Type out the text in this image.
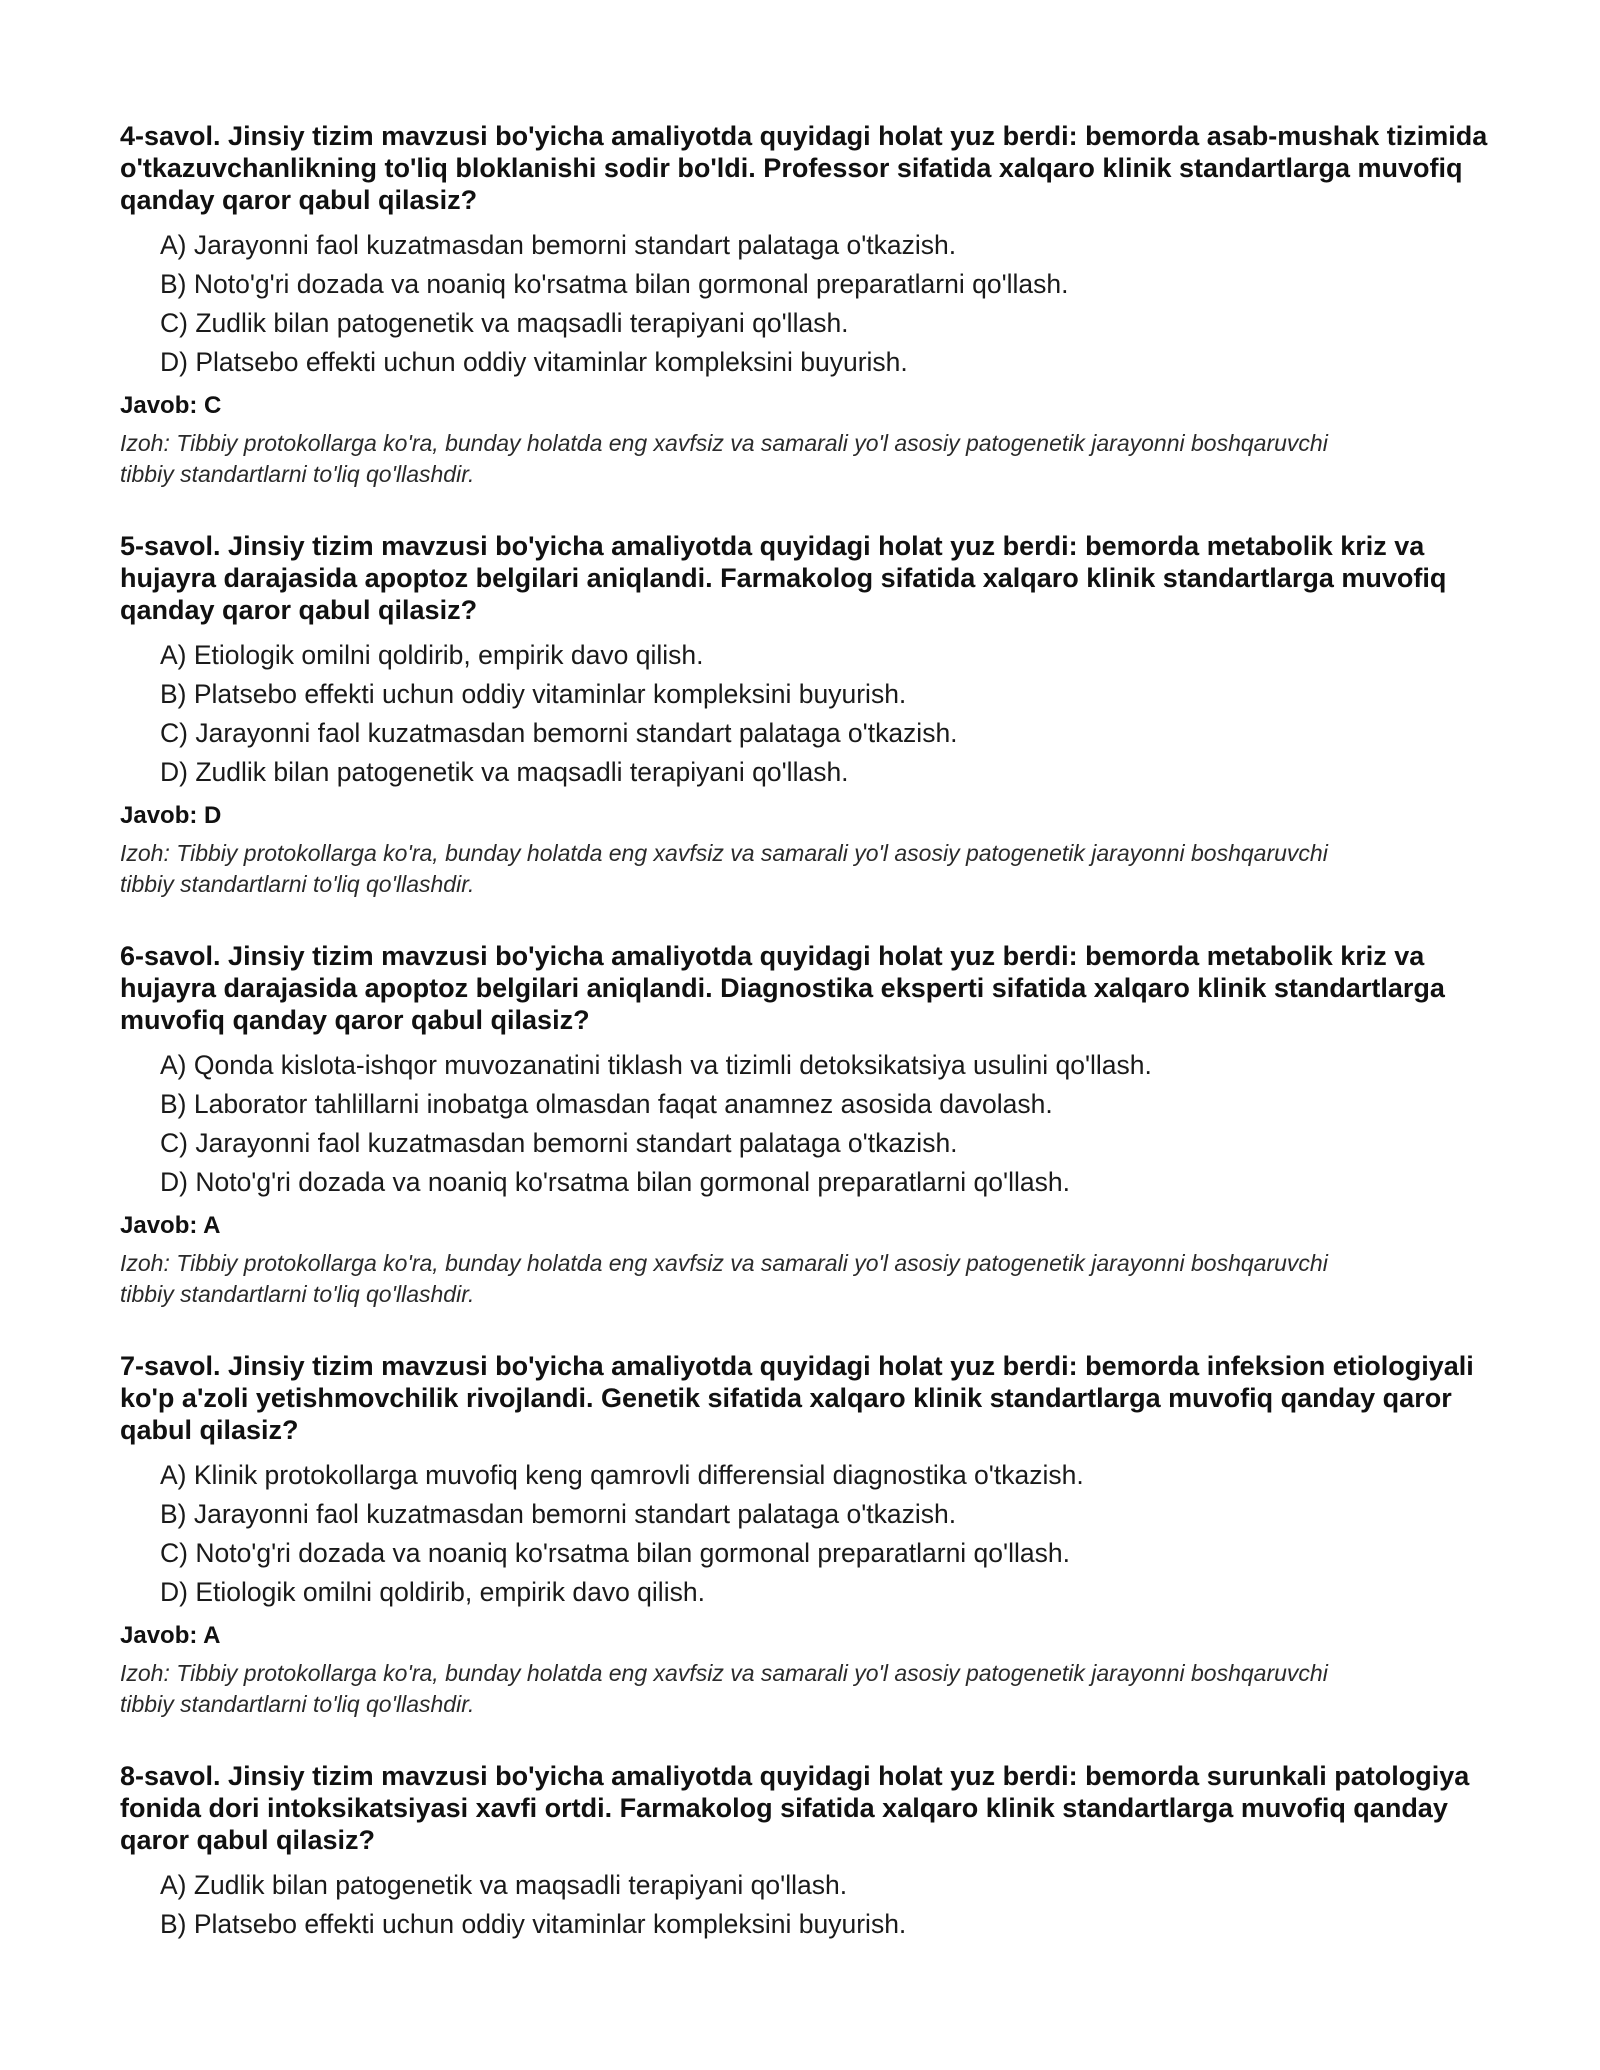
4-savol. Jinsiy tizim mavzusi bo'yicha amaliyotda quyidagi holat yuz berdi: bemorda asab-mushak tizimida o'tkazuvchanlikning to'liq bloklanishi sodir bo'ldi. Professor sifatida xalqaro klinik standartlarga muvofiq qanday qaror qabul qilasiz?

A) Jarayonni faol kuzatmasdan bemorni standart palataga o'tkazish.
B) Noto'g'ri dozada va noaniq ko'rsatma bilan gormonal preparatlarni qo'llash.
C) Zudlik bilan patogenetik va maqsadli terapiyani qo'llash.
D) Platsebo effekti uchun oddiy vitaminlar kompleksini buyurish.
Javob: C
Izoh: Tibbiy protokollarga ko'ra, bunday holatda eng xavfsiz va samarali yo'l asosiy patogenetik jarayonni boshqaruvchi tibbiy standartlarni to'liq qo'llashdir.

5-savol. Jinsiy tizim mavzusi bo'yicha amaliyotda quyidagi holat yuz berdi: bemorda metabolik kriz va hujayra darajasida apoptoz belgilari aniqlandi. Farmakolog sifatida xalqaro klinik standartlarga muvofiq qanday qaror qabul qilasiz?

A) Etiologik omilni qoldirib, empirik davo qilish.
B) Platsebo effekti uchun oddiy vitaminlar kompleksini buyurish.
C) Jarayonni faol kuzatmasdan bemorni standart palataga o'tkazish.
D) Zudlik bilan patogenetik va maqsadli terapiyani qo'llash.
Javob: D
Izoh: Tibbiy protokollarga ko'ra, bunday holatda eng xavfsiz va samarali yo'l asosiy patogenetik jarayonni boshqaruvchi tibbiy standartlarni to'liq qo'llashdir.

6-savol. Jinsiy tizim mavzusi bo'yicha amaliyotda quyidagi holat yuz berdi: bemorda metabolik kriz va hujayra darajasida apoptoz belgilari aniqlandi. Diagnostika eksperti sifatida xalqaro klinik standartlarga muvofiq qanday qaror qabul qilasiz?

A) Qonda kislota-ishqor muvozanatini tiklash va tizimli detoksikatsiya usulini qo'llash.
B) Laborator tahlillarni inobatga olmasdan faqat anamnez asosida davolash.
C) Jarayonni faol kuzatmasdan bemorni standart palataga o'tkazish.
D) Noto'g'ri dozada va noaniq ko'rsatma bilan gormonal preparatlarni qo'llash.
Javob: A
Izoh: Tibbiy protokollarga ko'ra, bunday holatda eng xavfsiz va samarali yo'l asosiy patogenetik jarayonni boshqaruvchi tibbiy standartlarni to'liq qo'llashdir.

7-savol. Jinsiy tizim mavzusi bo'yicha amaliyotda quyidagi holat yuz berdi: bemorda infeksion etiologiyali ko'p a'zoli yetishmovchilik rivojlandi. Genetik sifatida xalqaro klinik standartlarga muvofiq qanday qaror qabul qilasiz?

A) Klinik protokollarga muvofiq keng qamrovli differensial diagnostika o'tkazish.
B) Jarayonni faol kuzatmasdan bemorni standart palataga o'tkazish.
C) Noto'g'ri dozada va noaniq ko'rsatma bilan gormonal preparatlarni qo'llash.
D) Etiologik omilni qoldirib, empirik davo qilish.
Javob: A
Izoh: Tibbiy protokollarga ko'ra, bunday holatda eng xavfsiz va samarali yo'l asosiy patogenetik jarayonni boshqaruvchi tibbiy standartlarni to'liq qo'llashdir.

8-savol. Jinsiy tizim mavzusi bo'yicha amaliyotda quyidagi holat yuz berdi: bemorda surunkali patologiya fonida dori intoksikatsiyasi xavfi ortdi. Farmakolog sifatida xalqaro klinik standartlarga muvofiq qanday qaror qabul qilasiz?

A) Zudlik bilan patogenetik va maqsadli terapiyani qo'llash.
B) Platsebo effekti uchun oddiy vitaminlar kompleksini buyurish.
